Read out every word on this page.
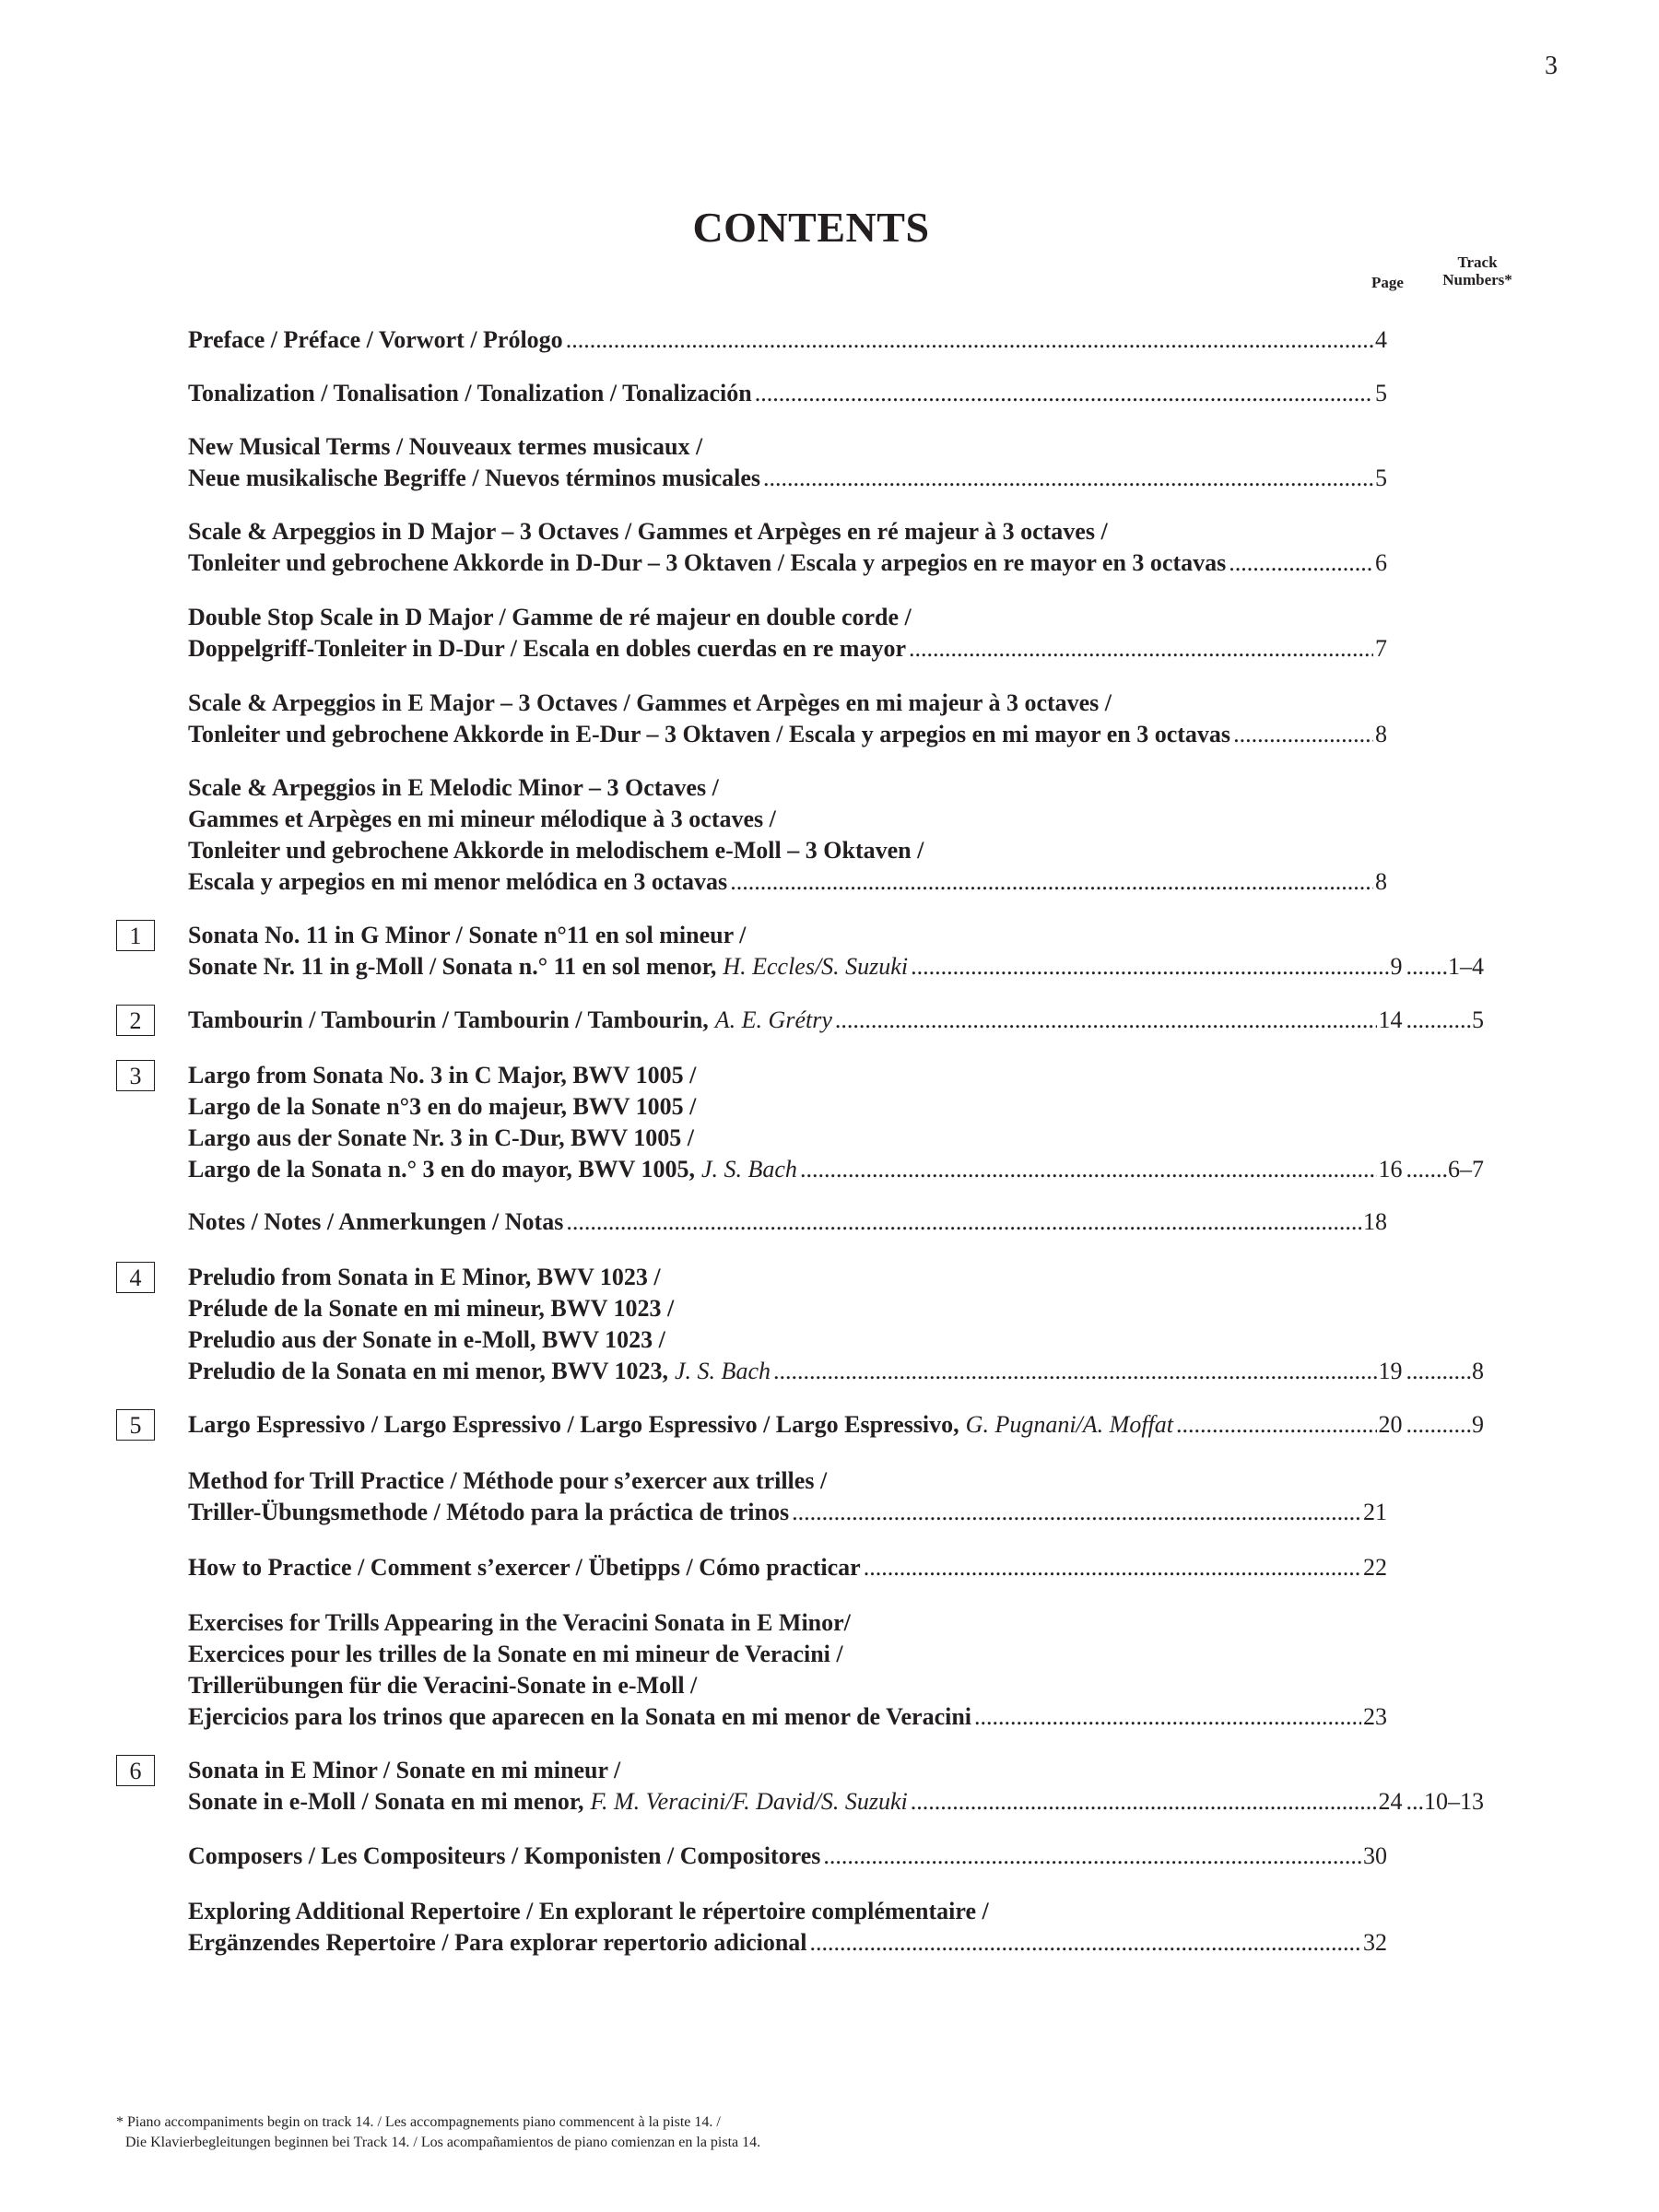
3
CONTENTS
Page
Track
Numbers*
Preface / Préface / Vorwort / Prólogo .....	4
Tonalization / Tonalisation / Tonalization / Tonalización .....	5
New Musical Terms / Nouveaux termes musicaux /
Neue musikalische Begriffe / Nuevos términos musicales .....	5
Scale & Arpeggios in D Major – 3 Octaves / Gammes et Arpèges en ré majeur à 3 octaves /
Tonleiter und gebrochene Akkorde in D-Dur – 3 Oktaven / Escala y arpegios en re mayor en 3 octavas .....	6
Double Stop Scale in D Major / Gamme de ré majeur en double corde /
Doppelgriff-Tonleiter in D-Dur / Escala en dobles cuerdas en re mayor .....	7
Scale & Arpeggios in E Major – 3 Octaves / Gammes et Arpèges en mi majeur à 3 octaves /
Tonleiter und gebrochene Akkorde in E-Dur – 3 Oktaven / Escala y arpegios en mi mayor en 3 octavas .....	8
Scale & Arpeggios in E Melodic Minor – 3 Octaves /
Gammes et Arpèges en mi mineur mélodique à 3 octaves /
Tonleiter und gebrochene Akkorde in melodischem e-Moll – 3 Oktaven /
Escala y arpegios en mi menor melódica en 3 octavas .....	8
1	Sonata No. 11 in G Minor / Sonate n°11 en sol mineur /
Sonate Nr. 11 in g-Moll / Sonata n.° 11 en sol menor, H. Eccles/S. Suzuki .....	9 .......1–4
2	Tambourin / Tambourin / Tambourin / Tambourin, A. E. Grétry .....	14 ...........5
3	Largo from Sonata No. 3 in C Major, BWV 1005 /
Largo de la Sonate n°3 en do majeur, BWV 1005 /
Largo aus der Sonate Nr. 3 in C-Dur, BWV 1005 /
Largo de la Sonata n.° 3 en do mayor, BWV 1005, J. S. Bach .....	16 .......6–7
Notes / Notes / Anmerkungen / Notas .....	18
4	Preludio from Sonata in E Minor, BWV 1023 /
Prélude de la Sonate en mi mineur, BWV 1023 /
Preludio aus der Sonate in e-Moll, BWV 1023 /
Preludio de la Sonata en mi menor, BWV 1023, J. S. Bach .....	19 ...........8
5	Largo Espressivo / Largo Espressivo / Largo Espressivo / Largo Espressivo, G. Pugnani/A. Moffat .....	20 ...........9
Method for Trill Practice / Méthode pour s’exercer aux trilles /
Triller-Übungsmethode / Método para la práctica de trinos .....	21
How to Practice / Comment s’exercer / Übetipps / Cómo practicar .....	22
Exercises for Trills Appearing in the Veracini Sonata in E Minor/
Exercices pour les trilles de la Sonate en mi mineur de Veracini /
Trillerübungen für die Veracini-Sonate in e-Moll /
Ejercicios para los trinos que aparecen en la Sonata en mi menor de Veracini .....	23
6	Sonata in E Minor / Sonate en mi mineur /
Sonate in e-Moll / Sonata en mi menor, F. M. Veracini/F. David/S. Suzuki .....	24 ...10–13
Composers / Les Compositeurs / Komponisten / Compositores .....	30
Exploring Additional Repertoire / En explorant le répertoire complémentaire /
Ergänzendes Repertoire / Para explorar repertorio adicional .....	32
* Piano accompaniments begin on track 14. / Les accompagnements piano commencent à la piste 14. /
Die Klavierbegleitungen beginnen bei Track 14. / Los acompañamientos de piano comienzan en la pista 14.
